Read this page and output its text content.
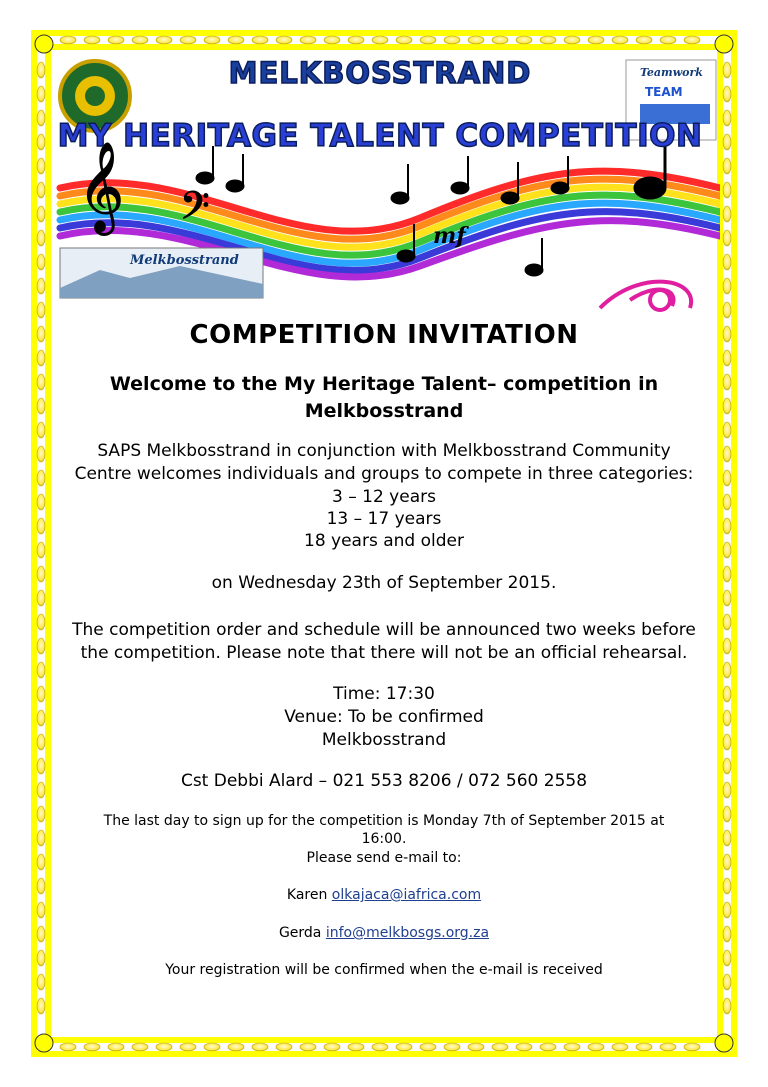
𝄞 𝄢	mf
Melkbosstrand
Teamwork
TEAM
MELKBOSSTRAND
MY HERITAGE TALENT COMPETITION

COMPETITION INVITATION

Welcome to the My Heritage Talent– competition in

Melkbosstrand

SAPS Melkbosstrand in conjunction with Melkbosstrand Community

Centre welcomes individuals and groups to compete in three categories:

3 – 12 years

13 – 17 years

18 years and older

on Wednesday 23th of September 2015.

The competition order and schedule will be announced two weeks before

the competition. Please note that there will not be an official rehearsal.

Time: 17:30

Venue: To be confirmed

Melkbosstrand

Cst Debbi Alard – 021 553 8206 / 072 560 2558

The last day to sign up for the competition is Monday 7th of September 2015 at

16:00.

Please send e-mail to:

Karen olkajaca@iafrica.com

Gerda info@melkbosgs.org.za

Your registration will be confirmed when the e-mail is received
